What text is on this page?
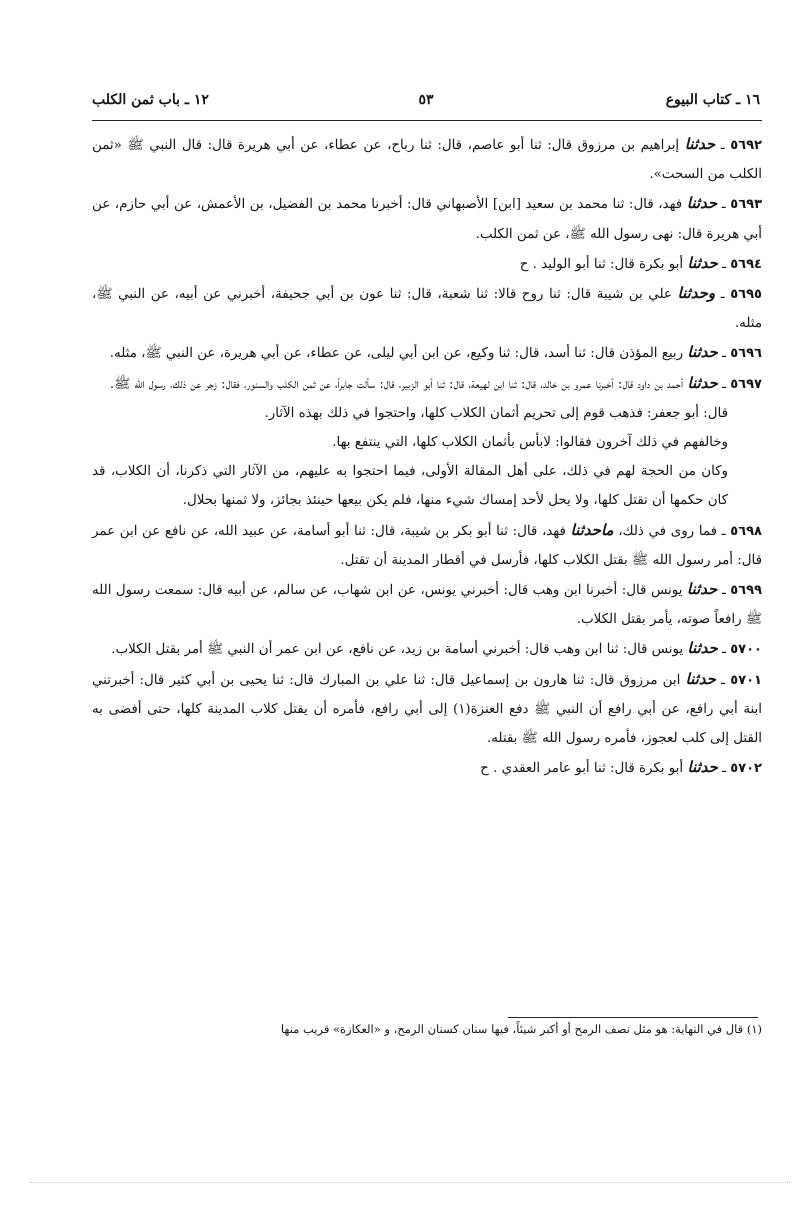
١٦ ـ كتاب البيوع
٥٣
١٢ ـ باب ثمن الكلب

٥٦٩٢ ـ حدثنا إبراهيم بن مرزوق قال: ثنا أبو عاصم، قال: ثنا رباح، عن عطاء، عن أبي هريرة قال: قال النبي ﷺ «ثمن الكلب من السحت».

٥٦٩٣ ـ حدثنا فهد، قال: ثنا محمد بن سعيد [ابن] الأصبهاني قال: أخبرنا محمد بن الفضيل، بن الأعمش، عن أبي حازم، عن أبي هريرة قال: نهى رسول الله ﷺ، عن ثمن الكلب.

٥٦٩٤ ـ حدثنا أبو بكرة قال: ثنا أبو الوليد . ح

٥٦٩٥ ـ وحدثنا علي بن شيبة قال: ثنا روح قالا: ثنا شعبة، قال: ثنا عون بن أبي جحيفة، أخبرني عن أبيه، عن النبي ﷺ، مثله.

٥٦٩٦ ـ حدثنا ربيع المؤذن قال: ثنا أسد، قال: ثنا وكيع، عن ابن أبي ليلى، عن عطاء، عن أبي هريرة، عن النبي ﷺ، مثله.

٥٦٩٧ ـ حدثنا أحمد بن داود قال: أخبرنا عمرو بن خالد، قال: ثنا ابن لهيعة، قال: ثنا أبو الزبير، قال: سألت جابراً، عن ثمن الكلب والسنور، فقال: زجر عن ذلك، رسول الله ﷺ.

قال: أبو جعفر: فذهب قوم إلى تحريم أثمان الكلاب كلها، واحتجوا في ذلك بهذه الآثار.

وخالفهم في ذلك آخرون فقالوا: لابأس بأثمان الكلاب كلها، التي ينتفع بها.

وكان من الحجة لهم في ذلك، على أهل المقالة الأولى، فيما احتجوا به عليهم، من الآثار التي ذكرنا، أن الكلاب، قد كان حكمها أن تقتل كلها، ولا يحل لأحد إمساك شيء منها، فلم يكن بيعها حينئذ بجائز، ولا ثمنها بحلال.

٥٦٩٨ ـ فما روى في ذلك، ماحدثنا فهد، قال: ثنا أبو بكر بن شيبة، قال: ثنا أبو أسامة، عن عبيد الله، عن نافع عن ابن عمر قال: أمر رسول الله ﷺ بقتل الكلاب كلها، فأرسل في أقطار المدينة أن تقتل.

٥٦٩٩ ـ حدثنا يونس قال: أخبرنا ابن وهب قال: أخبرني يونس، عن ابن شهاب، عن سالم، عن أبيه قال: سمعت رسول الله ﷺ رافعاً صوته، يأمر بقتل الكلاب.

٥٧٠٠ ـ حدثنا يونس قال: ثنا ابن وهب قال: أخبرني أسامة بن زيد، عن نافع، عن ابن عمر أن النبي ﷺ أمر بقتل الكلاب.

٥٧٠١ ـ حدثنا ابن مرزوق قال: ثنا هارون بن إسماعيل قال: ثنا علي بن المبارك قال: ثنا يحيى بن أبي كثير قال: أخبرتني ابنة أبي رافع، عن أبي رافع أن النبي ﷺ دفع العنزة(١) إلى أبي رافع، فأمره أن يقتل كلاب المدينة كلها، حتى أفضى به القتل إلى كلب لعجوز، فأمره رسول الله ﷺ بقتله.

٥٧٠٢ ـ حدثنا أبو بكرة قال: ثنا أبو عامر العقدي . ح

(١) قال في النهاية: هو مثل نصف الرمح أو أكبر شيئاً، فيها سنان كسنان الرمح، و «العكازة» قريب منها
